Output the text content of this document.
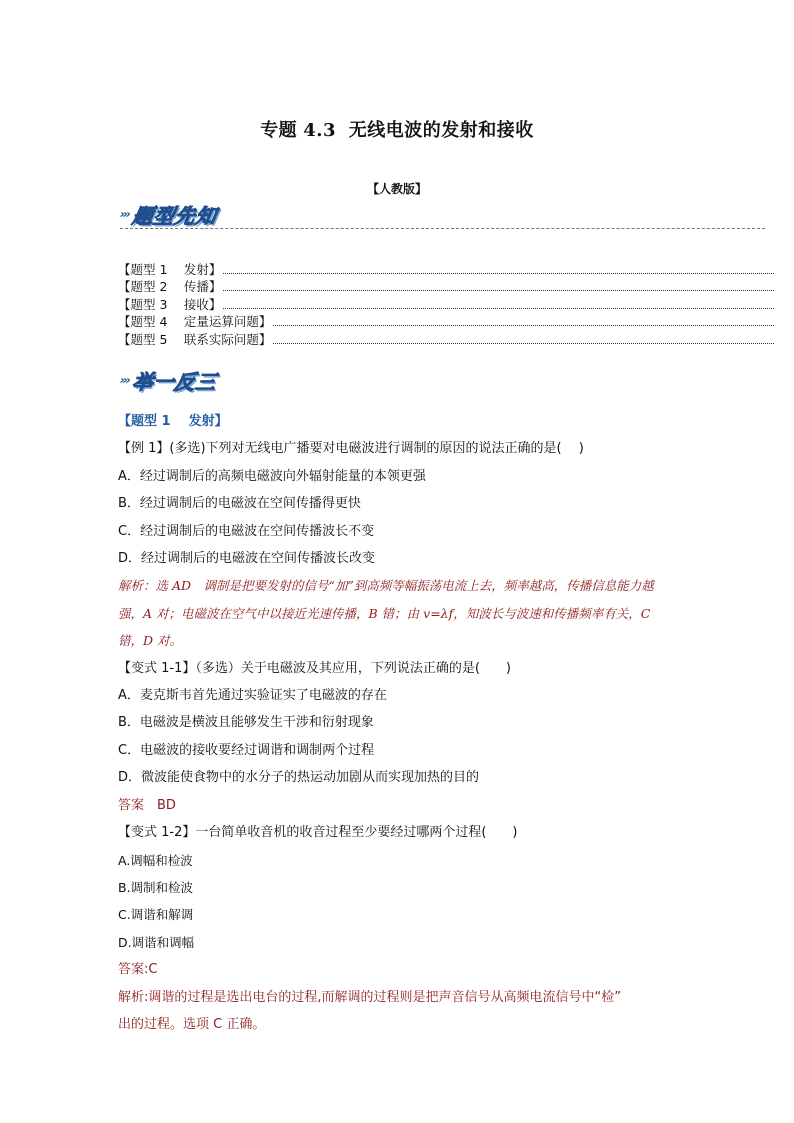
专题 4.3 无线电波的发射和接收
【人教版】
››› 题型先知
【题型 1　 发射】
【题型 2　 传播】
【题型 3　 接收】
【题型 4　 定量运算问题】
【题型 5　 联系实际问题】
››› 举一反三
【题型 1 发射】
【例 1】(多选)下列对无线电广播要对电磁波进行调制的原因的说法正确的是(　 )
A．经过调制后的高频电磁波向外辐射能量的本领更强
B．经过调制后的电磁波在空间传播得更快
C．经过调制后的电磁波在空间传播波长不变
D．经过调制后的电磁波在空间传播波长改变
解析：选 AD　调制是把要发射的信号“加”到高频等幅振荡电流上去，频率越高，传播信息能力越强，A 对；电磁波在空气中以接近光速传播，B 错；由 v=λf，知波长与波速和传播频率有关，C 错，D 对。
【变式 1-1】（多选）关于电磁波及其应用，下列说法正确的是(　　)
A．麦克斯韦首先通过实验证实了电磁波的存在
B．电磁波是横波且能够发生干涉和衍射现象
C．电磁波的接收要经过调谐和调制两个过程
D．微波能使食物中的水分子的热运动加剧从而实现加热的目的
答案　BD
【变式 1-2】一台简单收音机的收音过程至少要经过哪两个过程(　　)
A.调幅和检波
B.调制和检波
C.调谐和解调
D.调谐和调幅
答案:C
解析:调谐的过程是选出电台的过程,而解调的过程则是把声音信号从高频电流信号中“检”
出的过程。选项 C 正确。
